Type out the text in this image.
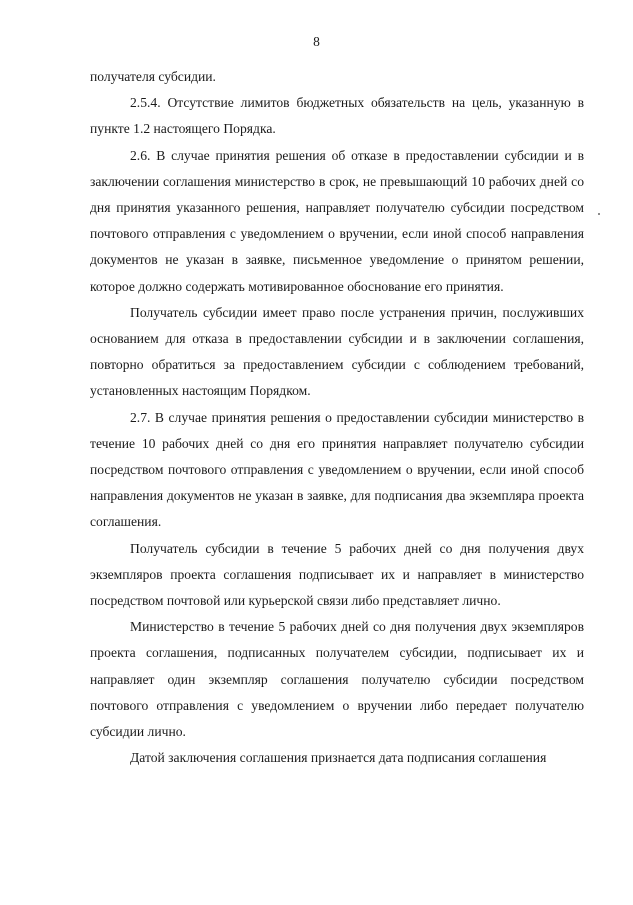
8

получателя субсидии.

2.5.4. Отсутствие лимитов бюджетных обязательств на цель, указанную в пункте 1.2 настоящего Порядка.

2.6. В случае принятия решения об отказе в предоставлении субсидии и в заключении соглашения министерство в срок, не превышающий 10 рабочих дней со дня принятия указанного решения, направляет получателю субсидии посредством почтового отправления с уведомлением о вручении, если иной способ направления документов не указан в заявке, письменное уведомление о принятом решении, которое должно содержать мотивированное обоснование его принятия.

Получатель субсидии имеет право после устранения причин, послуживших основанием для отказа в предоставлении субсидии и в заключении соглашения, повторно обратиться за предоставлением субсидии с соблюдением требований, установленных настоящим Порядком.

2.7. В случае принятия решения о предоставлении субсидии министерство в течение 10 рабочих дней со дня его принятия направляет получателю субсидии посредством почтового отправления с уведомлением о вручении, если иной способ направления документов не указан в заявке, для подписания два экземпляра проекта соглашения.

Получатель субсидии в течение 5 рабочих дней со дня получения двух экземпляров проекта соглашения подписывает их и направляет в министерство посредством почтовой или курьерской связи либо представляет лично.

Министерство в течение 5 рабочих дней со дня получения двух экземпляров проекта соглашения, подписанных получателем субсидии, подписывает их и направляет один экземпляр соглашения получателю субсидии посредством почтового отправления с уведомлением о вручении либо передает получателю субсидии лично.

Датой заключения соглашения признается дата подписания соглашения
